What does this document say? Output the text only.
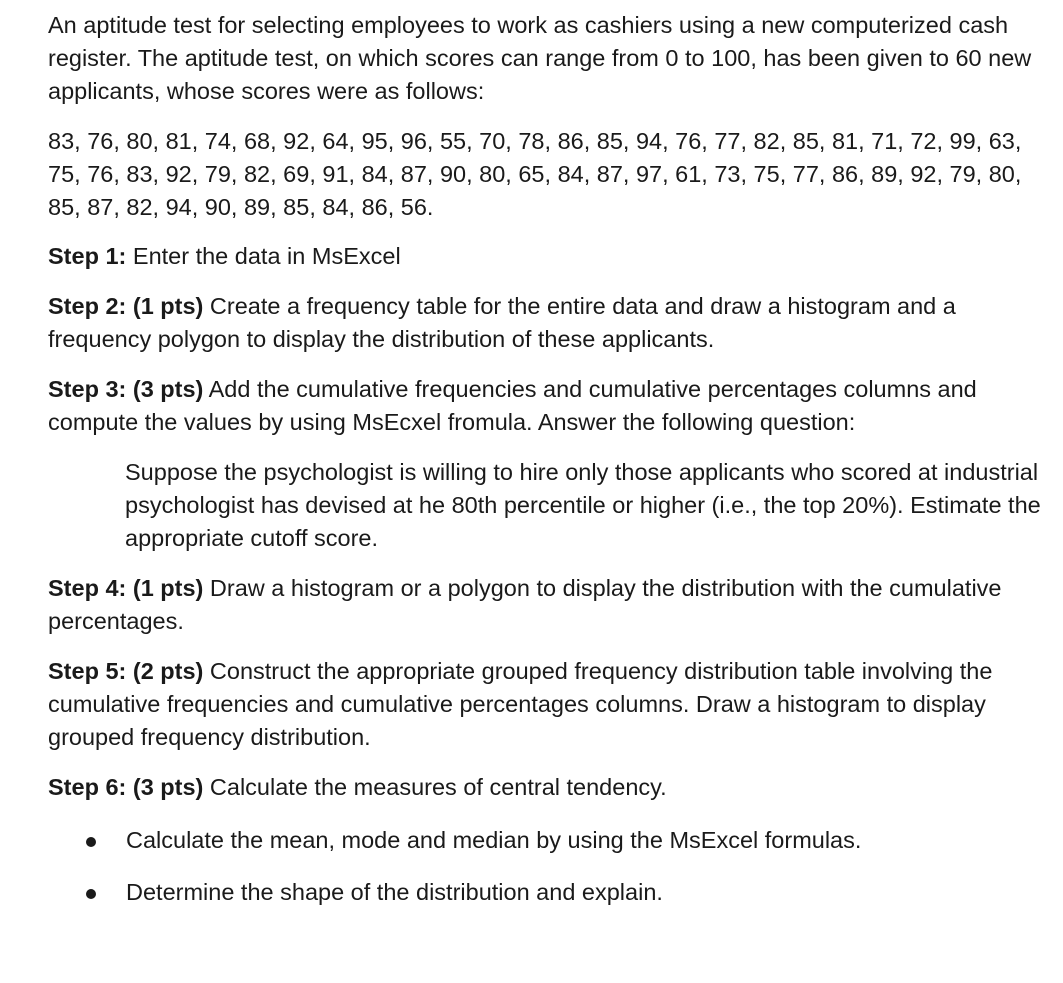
An aptitude test for selecting employees to work as cashiers using a new computerized cash register. The aptitude test, on which scores can range from 0 to 100, has been given to 60 new applicants, whose scores were as follows:

83, 76, 80, 81, 74, 68, 92, 64, 95, 96, 55, 70, 78, 86, 85, 94, 76, 77, 82, 85, 81, 71, 72, 99, 63, 75, 76, 83, 92, 79, 82, 69, 91, 84, 87, 90, 80, 65, 84, 87, 97, 61, 73, 75, 77, 86, 89, 92, 79, 80, 85, 87, 82, 94, 90, 89, 85, 84, 86, 56.

Step 1: Enter the data in MsExcel

Step 2: (1 pts) Create a frequency table for the entire data and draw a histogram and a frequency polygon to display the distribution of these applicants.

Step 3: (3 pts) Add the cumulative frequencies and cumulative percentages columns and compute the values by using MsEcxel fromula. Answer the following question:

Suppose the psychologist is willing to hire only those applicants who scored at industrial psychologist has devised at he 80th percentile or higher (i.e., the top 20%). Estimate the appropriate cutoff score.

Step 4: (1 pts) Draw a histogram or a polygon to display the distribution with the cumulative percentages.

Step 5: (2 pts) Construct the appropriate grouped frequency distribution table involving the cumulative frequencies and cumulative percentages columns. Draw a histogram to display grouped frequency distribution.

Step 6: (3 pts) Calculate the measures of central tendency.

Calculate the mean, mode and median by using the MsExcel formulas.
Determine the shape of the distribution and explain.
